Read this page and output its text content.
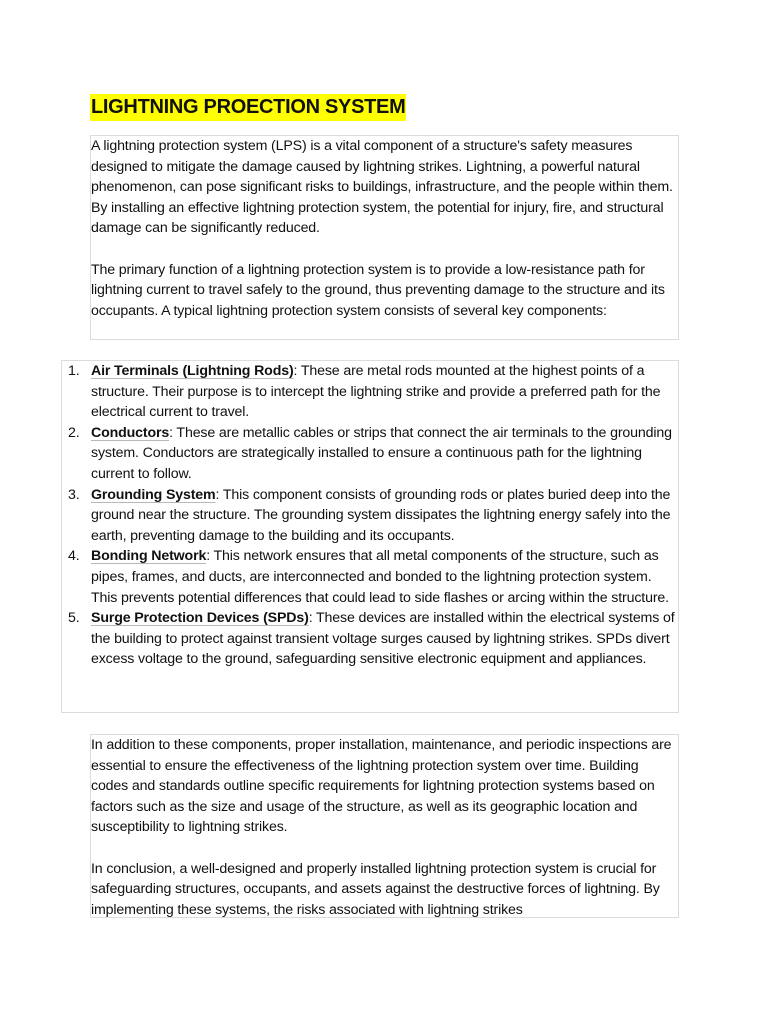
LIGHTNING PROECTION SYSTEM

A lightning protection system (LPS) is a vital component of a structure's safety measures designed to mitigate the damage caused by lightning strikes. Lightning, a powerful natural phenomenon, can pose significant risks to buildings, infrastructure, and the people within them. By installing an effective lightning protection system, the potential for injury, fire, and structural damage can be significantly reduced.

The primary function of a lightning protection system is to provide a low-resistance path for lightning current to travel safely to the ground, thus preventing damage to the structure and its occupants. A typical lightning protection system consists of several key components:

1. Air Terminals (Lightning Rods): These are metal rods mounted at the highest points of a structure. Their purpose is to intercept the lightning strike and provide a preferred path for the electrical current to travel.
2. Conductors: These are metallic cables or strips that connect the air terminals to the grounding system. Conductors are strategically installed to ensure a continuous path for the lightning current to follow.
3. Grounding System: This component consists of grounding rods or plates buried deep into the ground near the structure. The grounding system dissipates the lightning energy safely into the earth, preventing damage to the building and its occupants.
4. Bonding Network: This network ensures that all metal components of the structure, such as pipes, frames, and ducts, are interconnected and bonded to the lightning protection system. This prevents potential differences that could lead to side flashes or arcing within the structure.
5. Surge Protection Devices (SPDs): These devices are installed within the electrical systems of the building to protect against transient voltage surges caused by lightning strikes. SPDs divert excess voltage to the ground, safeguarding sensitive electronic equipment and appliances.

In addition to these components, proper installation, maintenance, and periodic inspections are essential to ensure the effectiveness of the lightning protection system over time. Building codes and standards outline specific requirements for lightning protection systems based on factors such as the size and usage of the structure, as well as its geographic location and susceptibility to lightning strikes.

In conclusion, a well-designed and properly installed lightning protection system is crucial for safeguarding structures, occupants, and assets against the destructive forces of lightning. By implementing these systems, the risks associated with lightning strikes
